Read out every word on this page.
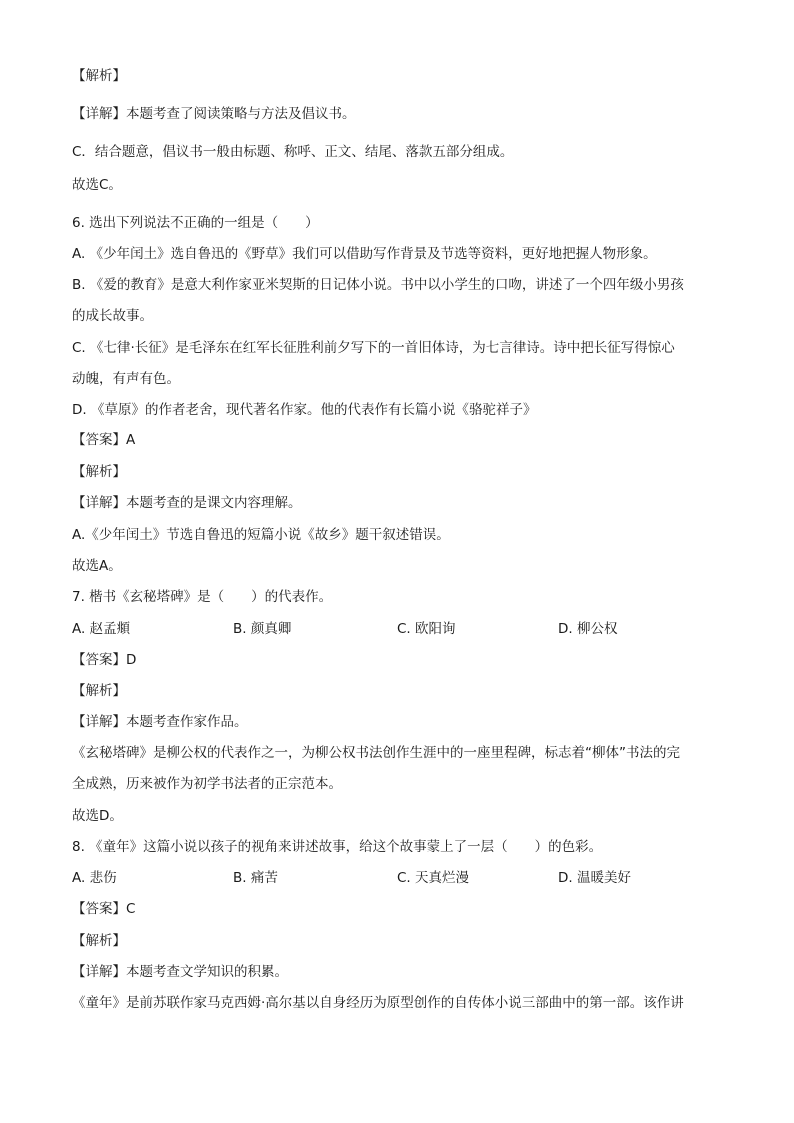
【解析】
【详解】本题考查了阅读策略与方法及倡议书。
C．结合题意，倡议书一般由标题、称呼、正文、结尾、落款五部分组成。
故选C。
6. 选出下列说法不正确的一组是（　　）
A. 《少年闰土》选自鲁迅的《野草》我们可以借助写作背景及节选等资料，更好地把握人物形象。
B. 《爱的教育》是意大利作家亚米契斯的日记体小说。书中以小学生的口吻，讲述了一个四年级小男孩
的成长故事。
C. 《七律·长征》是毛泽东在红军长征胜利前夕写下的一首旧体诗，为七言律诗。诗中把长征写得惊心
动魄，有声有色。
D. 《草原》的作者老舍，现代著名作家。他的代表作有长篇小说《骆驼祥子》
【答案】A
【解析】
【详解】本题考查的是课文内容理解。
A.《少年闰土》节选自鲁迅的短篇小说《故乡》题干叙述错误。
故选A。
7. 楷书《玄秘塔碑》是（　　）的代表作。
A. 赵孟頫	B. 颜真卿	C. 欧阳询	D. 柳公权
【答案】D
【解析】
【详解】本题考查作家作品。
《玄秘塔碑》是柳公权的代表作之一，为柳公权书法创作生涯中的一座里程碑，标志着“柳体”书法的完
全成熟，历来被作为初学书法者的正宗范本。
故选D。
8. 《童年》这篇小说以孩子的视角来讲述故事，给这个故事蒙上了一层（　　）的色彩。
A. 悲伤	B. 痛苦	C. 天真烂漫	D. 温暖美好
【答案】C
【解析】
【详解】本题考查文学知识的积累。
《童年》是前苏联作家马克西姆·高尔基以自身经历为原型创作的自传体小说三部曲中的第一部。该作讲
